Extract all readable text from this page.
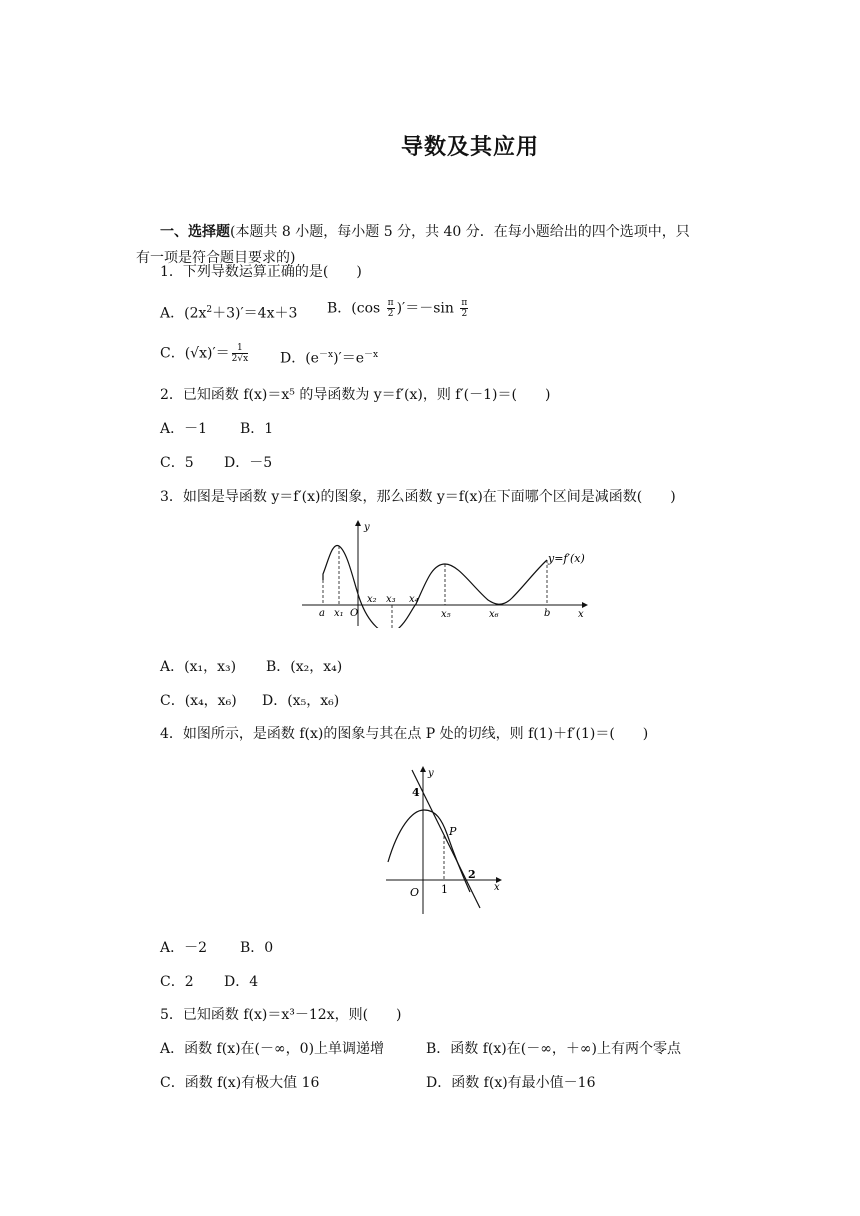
导数及其应用
一、选择题(本题共 8 小题，每小题 5 分，共 40 分．在每小题给出的四个选项中，只
有一项是符合题目要求的)
1．下列导数运算正确的是(　　)
A．$(2x^2+3)'=4x+3$ B．$(\cos \frac{\pi}{2} )'=-\sin \frac{\pi}{2}$
C．$(√x)'= \frac{1}{2√x}$ D．$(e^{-x})'=e^{-x}$
2．已知函数 f(x)＝x⁵ 的导函数为 y＝f′(x)，则 f′(－1)＝(　　)
A．－1 B．1
C．5 D．－5
3．如图是导函数 y＝f′(x)的图象，那么函数 y＝f(x)在下面哪个区间是减函数(　　)
y
x
y=f′(x)
O
a x₁
x₂ x₃ x₄
x₅	x₆	b
A．(x₁，x₃) B．(x₂，x₄)
C．(x₄，x₆) D．(x₅，x₆)
4．如图所示，是函数 f(x)的图象与其在点 P 处的切线，则 f(1)＋f′(1)＝(　　)
y
x
O
4
1
2
P
A．－2 B．0
C．2 D．4
5．已知函数 f(x)＝x³－12x，则(　　)
A．函数 f(x)在(－∞，0)上单调递增	B．函数 f(x)在(－∞，＋∞)上有两个零点
C．函数 f(x)有极大值 16	D．函数 f(x)有最小值－16
